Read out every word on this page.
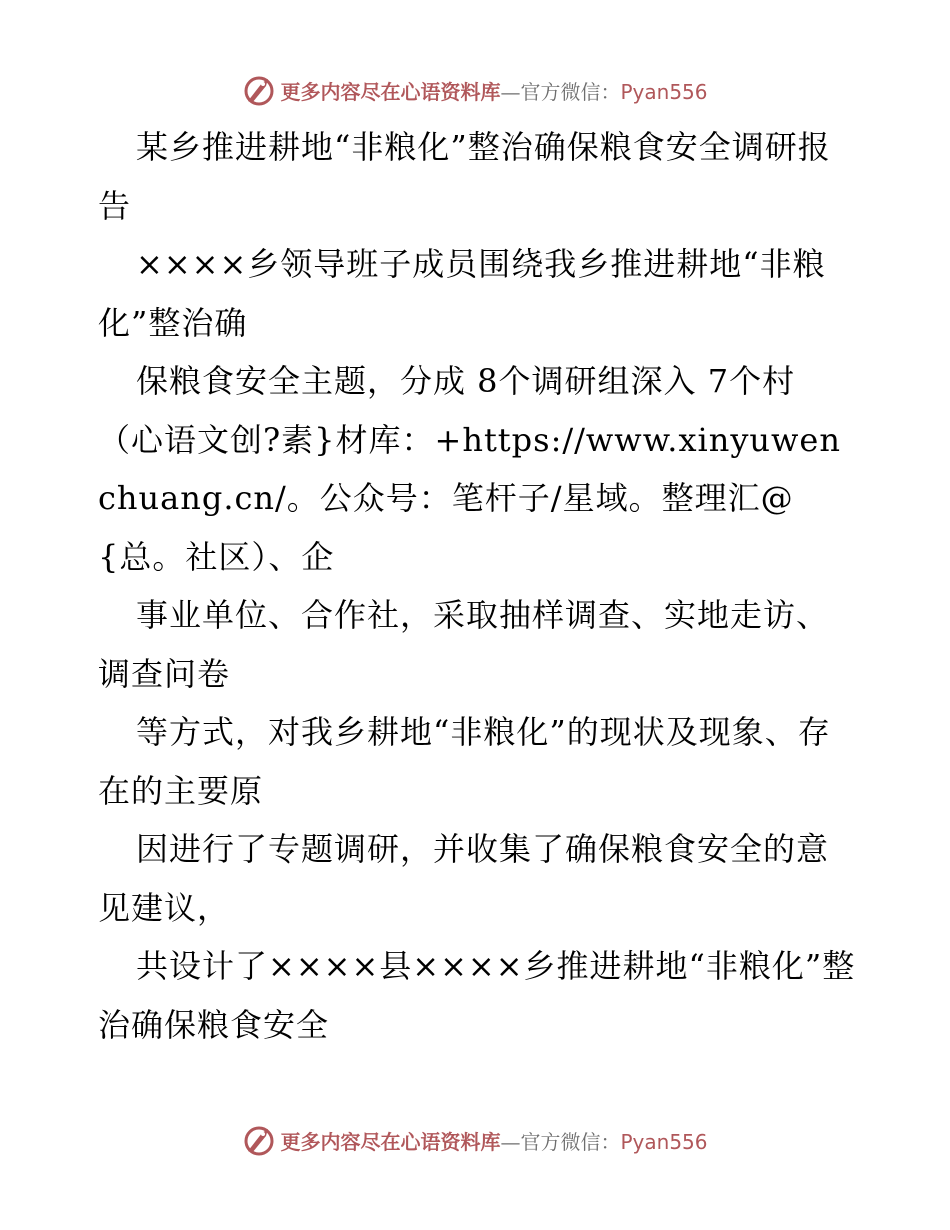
更多内容尽在心语资料库—官方微信：Pyan556

某乡推进耕地“非粮化”整治确保粮食安全调研报告

××××乡领导班子成员围绕我乡推进耕地“非粮化”整治确

保粮食安全主题，分成 8个调研组深入 7个村（心语文创?素}材库：+https://www.xinyuwenchuang.cn/。公众号：笔杆子/星域。整理汇@{总。社区）、企

事业单位、合作社，采取抽样调查、实地走访、调查问卷

等方式，对我乡耕地“非粮化”的现状及现象、存在的主要原

因进行了专题调研，并收集了确保粮食安全的意见建议，

共设计了××××县××××乡推进耕地“非粮化”整治确保粮食安全

更多内容尽在心语资料库—官方微信：Pyan556
